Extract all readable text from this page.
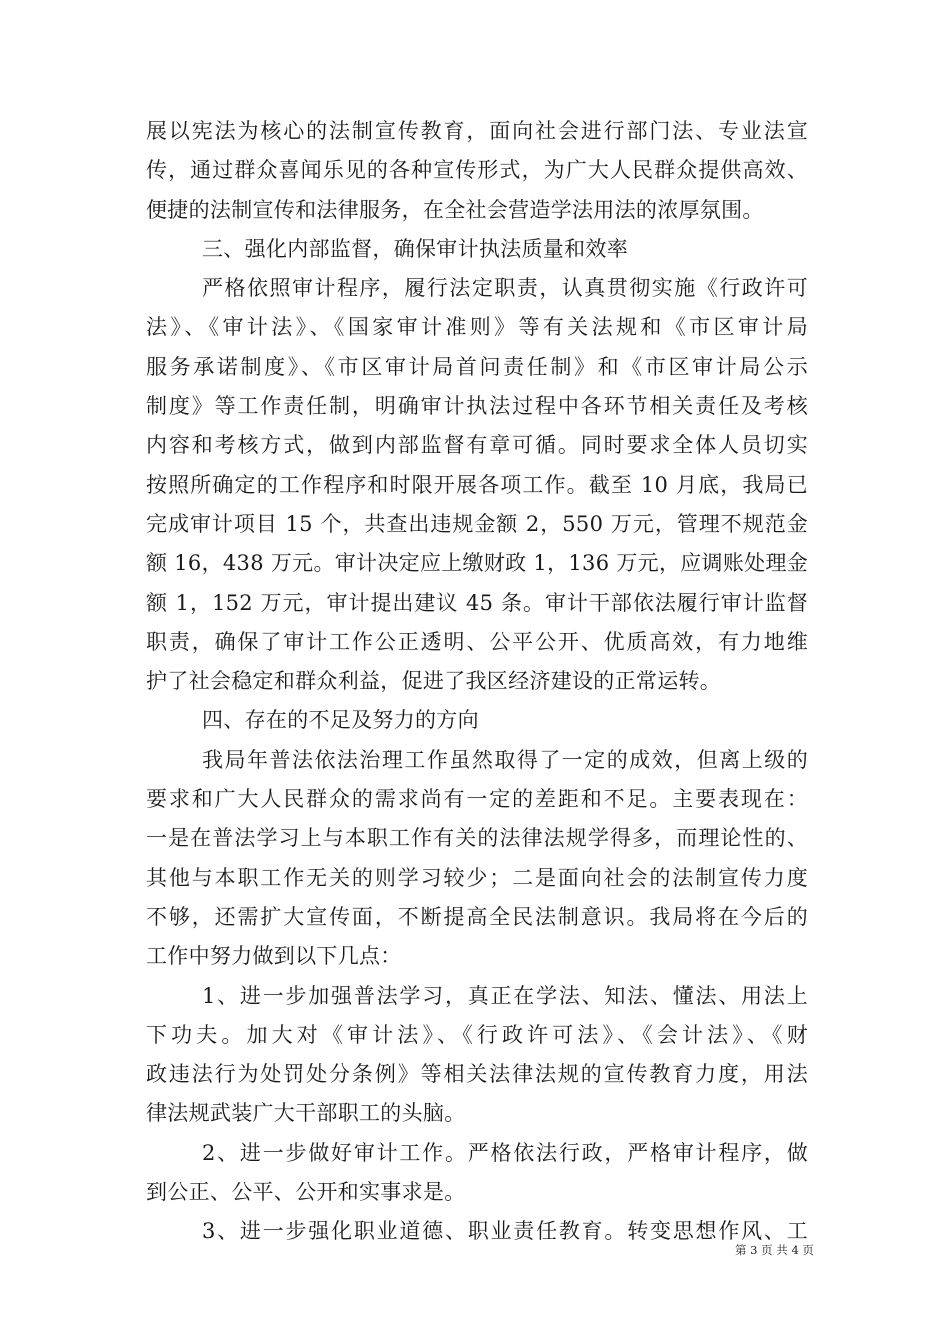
展以宪法为核心的法制宣传教育，面向社会进行部门法、专业法宣
传，通过群众喜闻乐见的各种宣传形式，为广大人民群众提供高效、
便捷的法制宣传和法律服务，在全社会营造学法用法的浓厚氛围。
三、强化内部监督，确保审计执法质量和效率
严格依照审计程序，履行法定职责，认真贯彻实施《行政许可
法》、《审计法》、《国家审计准则》等有关法规和《市区审计局
服务承诺制度》、《市区审计局首问责任制》和《市区审计局公示
制度》等工作责任制，明确审计执法过程中各环节相关责任及考核
内容和考核方式，做到内部监督有章可循。同时要求全体人员切实
按照所确定的工作程序和时限开展各项工作。截至 10 月底，我局已
完成审计项目 15 个，共查出违规金额 2，550 万元，管理不规范金
额 16，438 万元。审计决定应上缴财政 1，136 万元，应调账处理金
额 1，152 万元，审计提出建议 45 条。审计干部依法履行审计监督
职责，确保了审计工作公正透明、公平公开、优质高效，有力地维
护了社会稳定和群众利益，促进了我区经济建设的正常运转。
四、存在的不足及努力的方向
我局年普法依法治理工作虽然取得了一定的成效，但离上级的
要求和广大人民群众的需求尚有一定的差距和不足。主要表现在：
一是在普法学习上与本职工作有关的法律法规学得多，而理论性的、
其他与本职工作无关的则学习较少；二是面向社会的法制宣传力度
不够，还需扩大宣传面，不断提高全民法制意识。我局将在今后的
工作中努力做到以下几点：
1、进一步加强普法学习，真正在学法、知法、懂法、用法上
下功夫。加大对《审计法》、《行政许可法》、《会计法》、《财
政违法行为处罚处分条例》等相关法律法规的宣传教育力度，用法
律法规武装广大干部职工的头脑。
2、进一步做好审计工作。严格依法行政，严格审计程序，做
到公正、公平、公开和实事求是。
3、进一步强化职业道德、职业责任教育。转变思想作风、工
第 3 页 共 4 页
